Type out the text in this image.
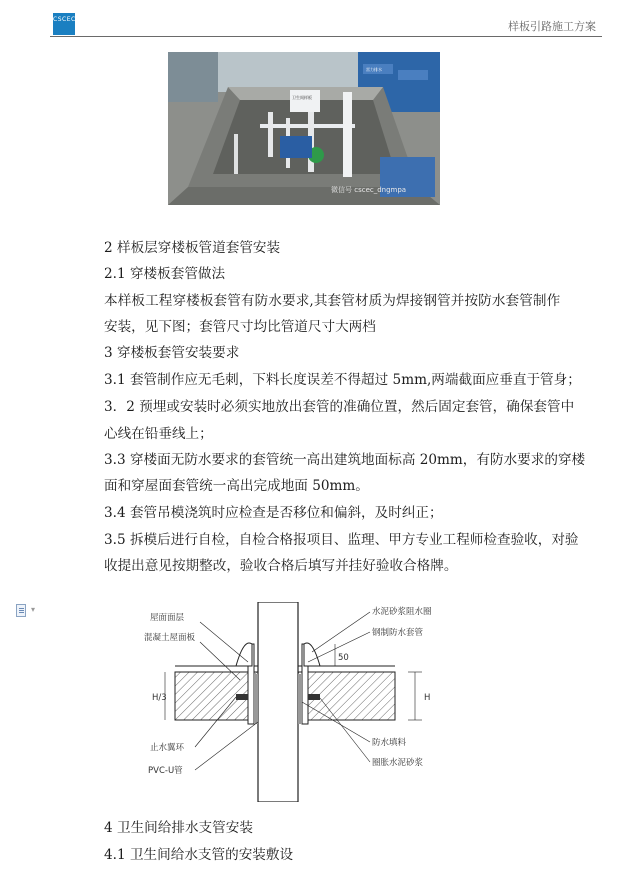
CSCEC
样板引路施工方案
微信号 cscec_dngmpa
卫生间样板
雷力排水
2 样板层穿楼板管道套管安装
2.1 穿楼板套管做法
本样板工程穿楼板套管有防水要求,其套管材质为焊接钢管并按防水套管制作
安装，见下图；套管尺寸均比管道尺寸大两档
3 穿楼板套管安装要求
3.1 套管制作应无毛刺，下料长度误差不得超过 5mm,两端截面应垂直于管身；
3．2 预埋或安装时必须实地放出套管的准确位置，然后固定套管，确保套管中
心线在铅垂线上；
3.3 穿楼面无防水要求的套管统一高出建筑地面标高 20mm，有防水要求的穿楼
面和穿屋面套管统一高出完成地面 50mm。
3.4 套管吊模浇筑时应检查是否移位和偏斜，及时纠正；
3.5 拆模后进行自检，自检合格报项目、监理、甲方专业工程师检查验收，对验
收提出意见按期整改，验收合格后填写并挂好验收合格牌。
▾
屋面面层
混凝土屋面板
止水翼环
PVC-U管
水泥砂浆阻水圈
钢制防水套管
防水填料
圈胀水泥砂浆
50
H/3	H
4 卫生间给排水支管安装
4.1 卫生间给水支管的安装敷设
